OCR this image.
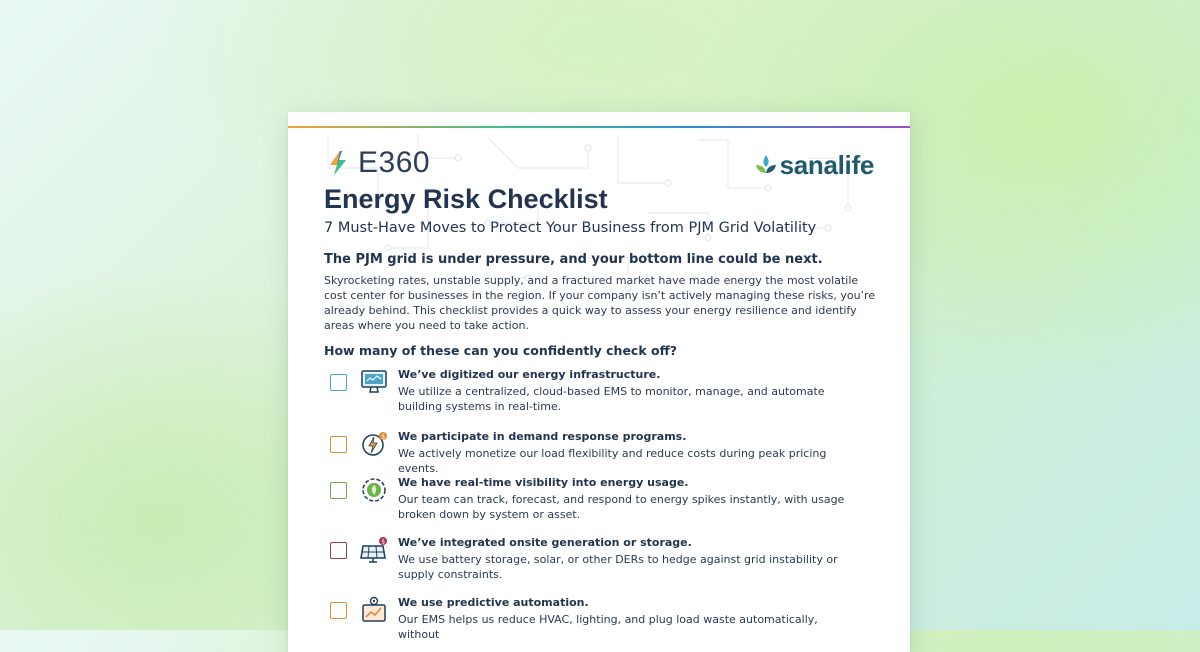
E360	sanalife
Energy Risk Checklist
7 Must-Have Moves to Protect Your Business from PJM Grid Volatility
The PJM grid is under pressure, and your bottom line could be next.
Skyrocketing rates, unstable supply, and a fractured market have made energy the most volatile cost center for businesses in the region. If your company isn’t actively managing these risks, you’re already behind. This checklist provides a quick way to assess your energy resilience and identify areas where you need to take action.
How many of these can you confidently check off?
We’ve digitized our energy infrastructure.
We utilize a centralized, cloud-based EMS to monitor, manage, and automate building systems in real-time.
$ We participate in demand response programs.
We actively monetize our load flexibility and reduce costs during peak pricing events.
We have real-time visibility into energy usage.
Our team can track, forecast, and respond to energy spikes instantly, with usage broken down by system or asset.
$ We’ve integrated onsite generation or storage.
We use battery storage, solar, or other DERs to hedge against grid instability or supply constraints.
We use predictive automation.
Our EMS helps us reduce HVAC, lighting, and plug load waste automatically, without
